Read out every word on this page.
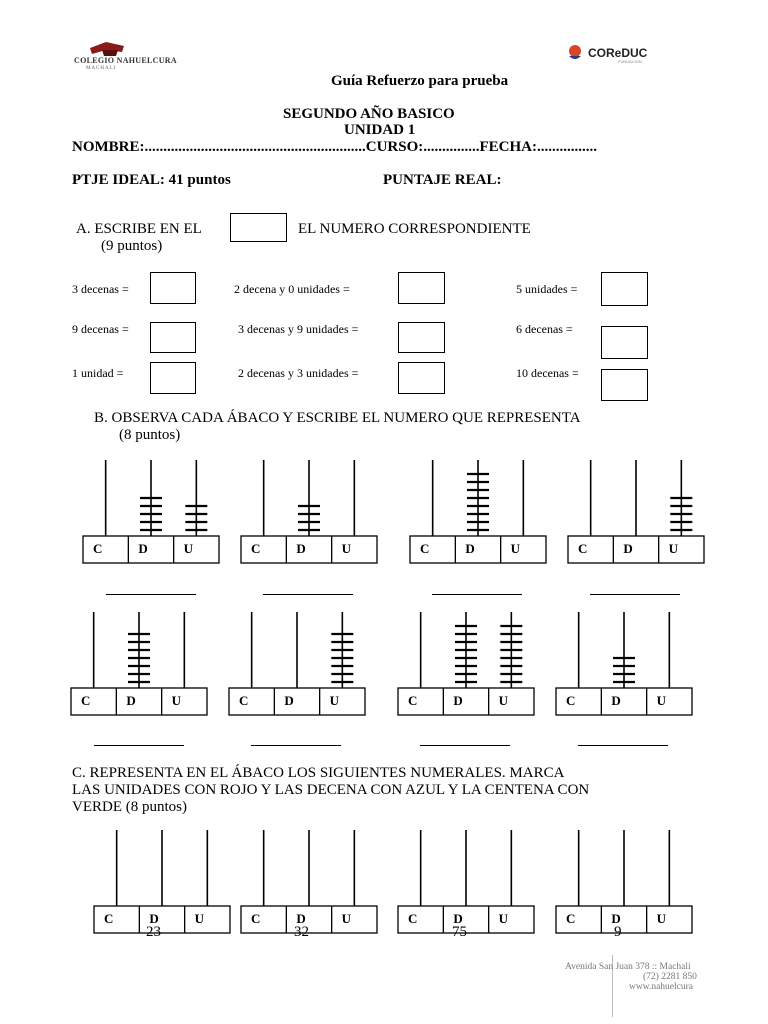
COLEGIO NAHUELCURA
MACHALI
COReDUC
FUNDACION
Guía Refuerzo para prueba
SEGUNDO AÑO BASICO
UNIDAD 1
NOMBRE:...........................................................CURSO:...............FECHA:................
PTJE IDEAL: 41 puntos	PUNTAJE REAL:
A. ESCRIBE EN EL	EL NUMERO CORRESPONDIENTE
(9 puntos)
3 decenas =	2 decena y 0 unidades =	5 unidades =
9 decenas =	3 decenas y 9 unidades =	6 decenas =
1 unidad =	2 decenas y 3 unidades =	10 decenas =
B. OBSERVA CADA ÁBACO Y ESCRIBE EL NUMERO QUE REPRESENTA
(8 puntos)
C	D	U	C	D	U	C	D	U	C	D	U
C	D	U	C	D	U	C	D	U	C	D	U
C. REPRESENTA EN EL ÁBACO LOS SIGUIENTES NUMERALES. MARCA
LAS UNIDADES CON ROJO Y LAS DECENA CON AZUL Y LA CENTENA CON
VERDE (8 puntos)
C	D	U	C	D	U	C	D	U	C	D	U
23	32	75	9
Avenida San Juan 378 :: Machalí
(72) 2281 850
www.nahuelcura
